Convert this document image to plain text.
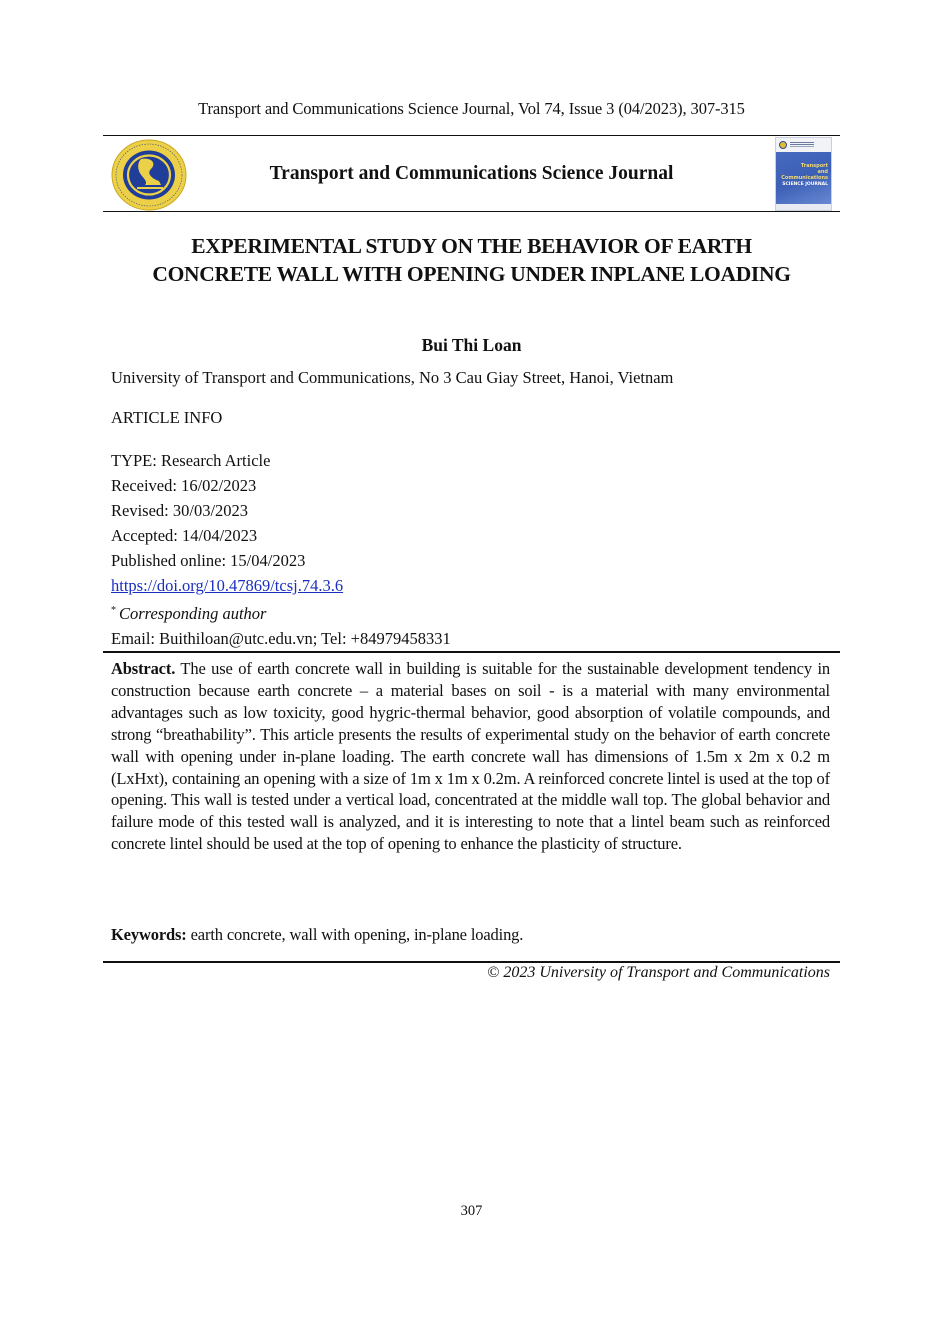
Transport and Communications Science Journal, Vol 74, Issue 3 (04/2023), 307-315
Transport and Communications Science Journal	Transport
and
Communications
SCIENCE JOURNAL
EXPERIMENTAL STUDY ON THE BEHAVIOR OF EARTH CONCRETE WALL WITH OPENING UNDER INPLANE LOADING
Bui Thi Loan
University of Transport and Communications, No 3 Cau Giay Street, Hanoi, Vietnam
ARTICLE INFO
TYPE: Research Article
Received: 16/02/2023
Revised: 30/03/2023
Accepted: 14/04/2023
Published online: 15/04/2023
https://doi.org/10.47869/tcsj.74.3.6
* Corresponding author
Email: Buithiloan@utc.edu.vn; Tel: +84979458331
Abstract. The use of earth concrete wall in building is suitable for the sustainable development tendency in construction because earth concrete – a material bases on soil - is a material with many environmental advantages such as low toxicity, good hygric-thermal behavior, good absorption of volatile compounds, and strong “breathability”. This article presents the results of experimental study on the behavior of earth concrete wall with opening under in-plane loading. The earth concrete wall has dimensions of 1.5m x 2m x 0.2 m (LxHxt), containing an opening with a size of 1m x 1m x 0.2m. A reinforced concrete lintel is used at the top of opening. This wall is tested under a vertical load, concentrated at the middle wall top. The global behavior and failure mode of this tested wall is analyzed, and it is interesting to note that a lintel beam such as reinforced concrete lintel should be used at the top of opening to enhance the plasticity of structure.
Keywords: earth concrete, wall with opening, in-plane loading.
© 2023 University of Transport and Communications
307
